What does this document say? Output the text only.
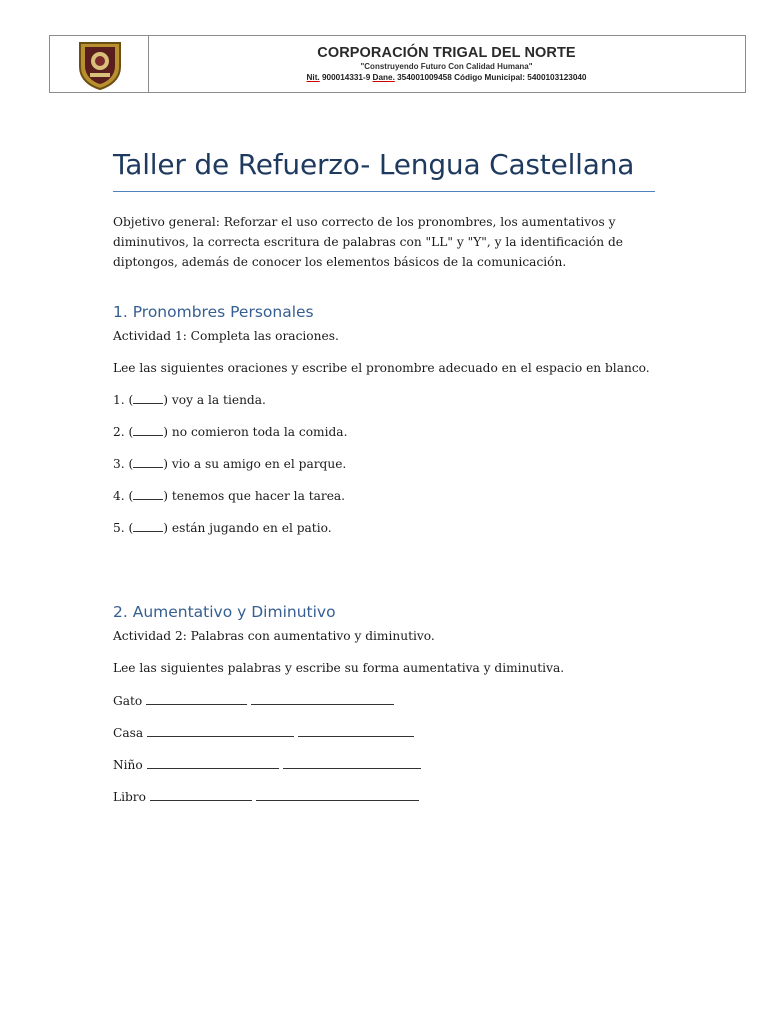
CORPORACIÓN TRIGAL DEL NORTE
"Construyendo Futuro Con Calidad Humana"
Nit. 900014331-9 Dane. 354001009458 Código Municipal: 5400103123040
Taller de Refuerzo- Lengua Castellana

Objetivo general: Reforzar el uso correcto de los pronombres, los aumentativos y diminutivos, la correcta escritura de palabras con "LL" y "Y", y la identificación de diptongos, además de conocer los elementos básicos de la comunicación.

1. Pronombres Personales

Actividad 1: Completa las oraciones.

Lee las siguientes oraciones y escribe el pronombre adecuado en el espacio en blanco.

1. ( ) voy a la tienda.

2. ( ) no comieron toda la comida.

3. ( ) vio a su amigo en el parque.

4. ( ) tenemos que hacer la tarea.

5. ( ) están jugando en el patio.

2. Aumentativo y Diminutivo

Actividad 2: Palabras con aumentativo y diminutivo.

Lee las siguientes palabras y escribe su forma aumentativa y diminutiva.

Gato

Casa

Niño

Libro
